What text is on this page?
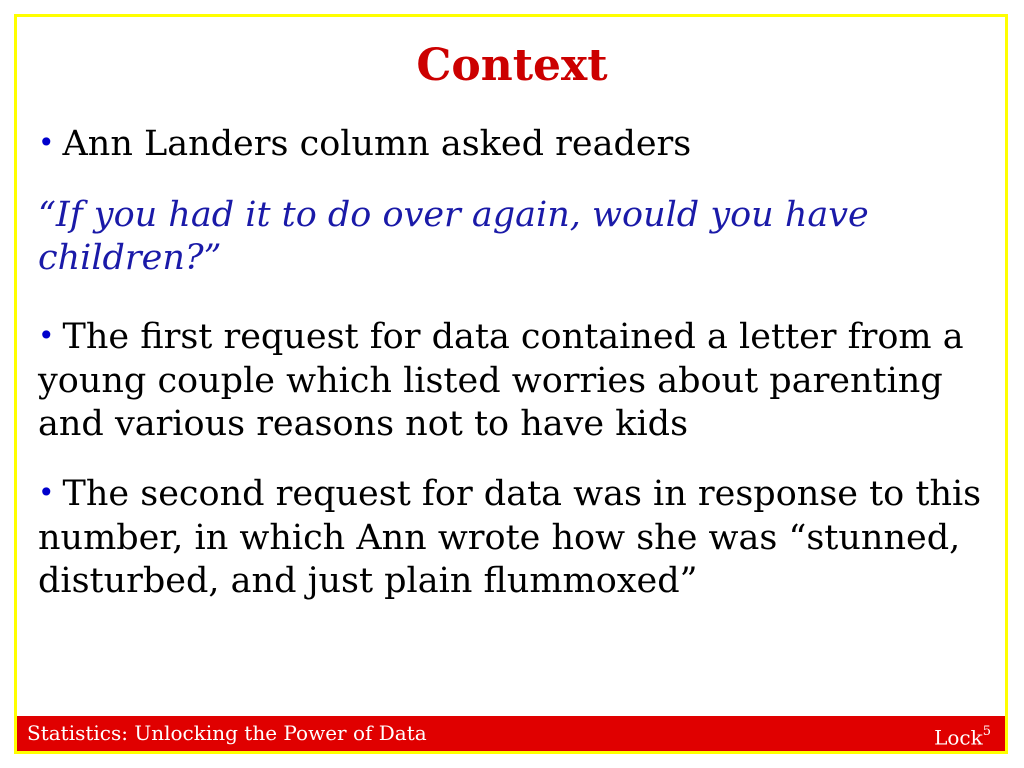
Context
• Ann Landers column asked readers
“If you had it to do over again, would you have children?”
• The first request for data contained a letter from a young couple which listed worries about parenting and various reasons not to have kids
• The second request for data was in response to this number, in which Ann wrote how she was “stunned, disturbed, and just plain flummoxed”
Statistics: Unlocking the Power of Data	Lock$^5$
